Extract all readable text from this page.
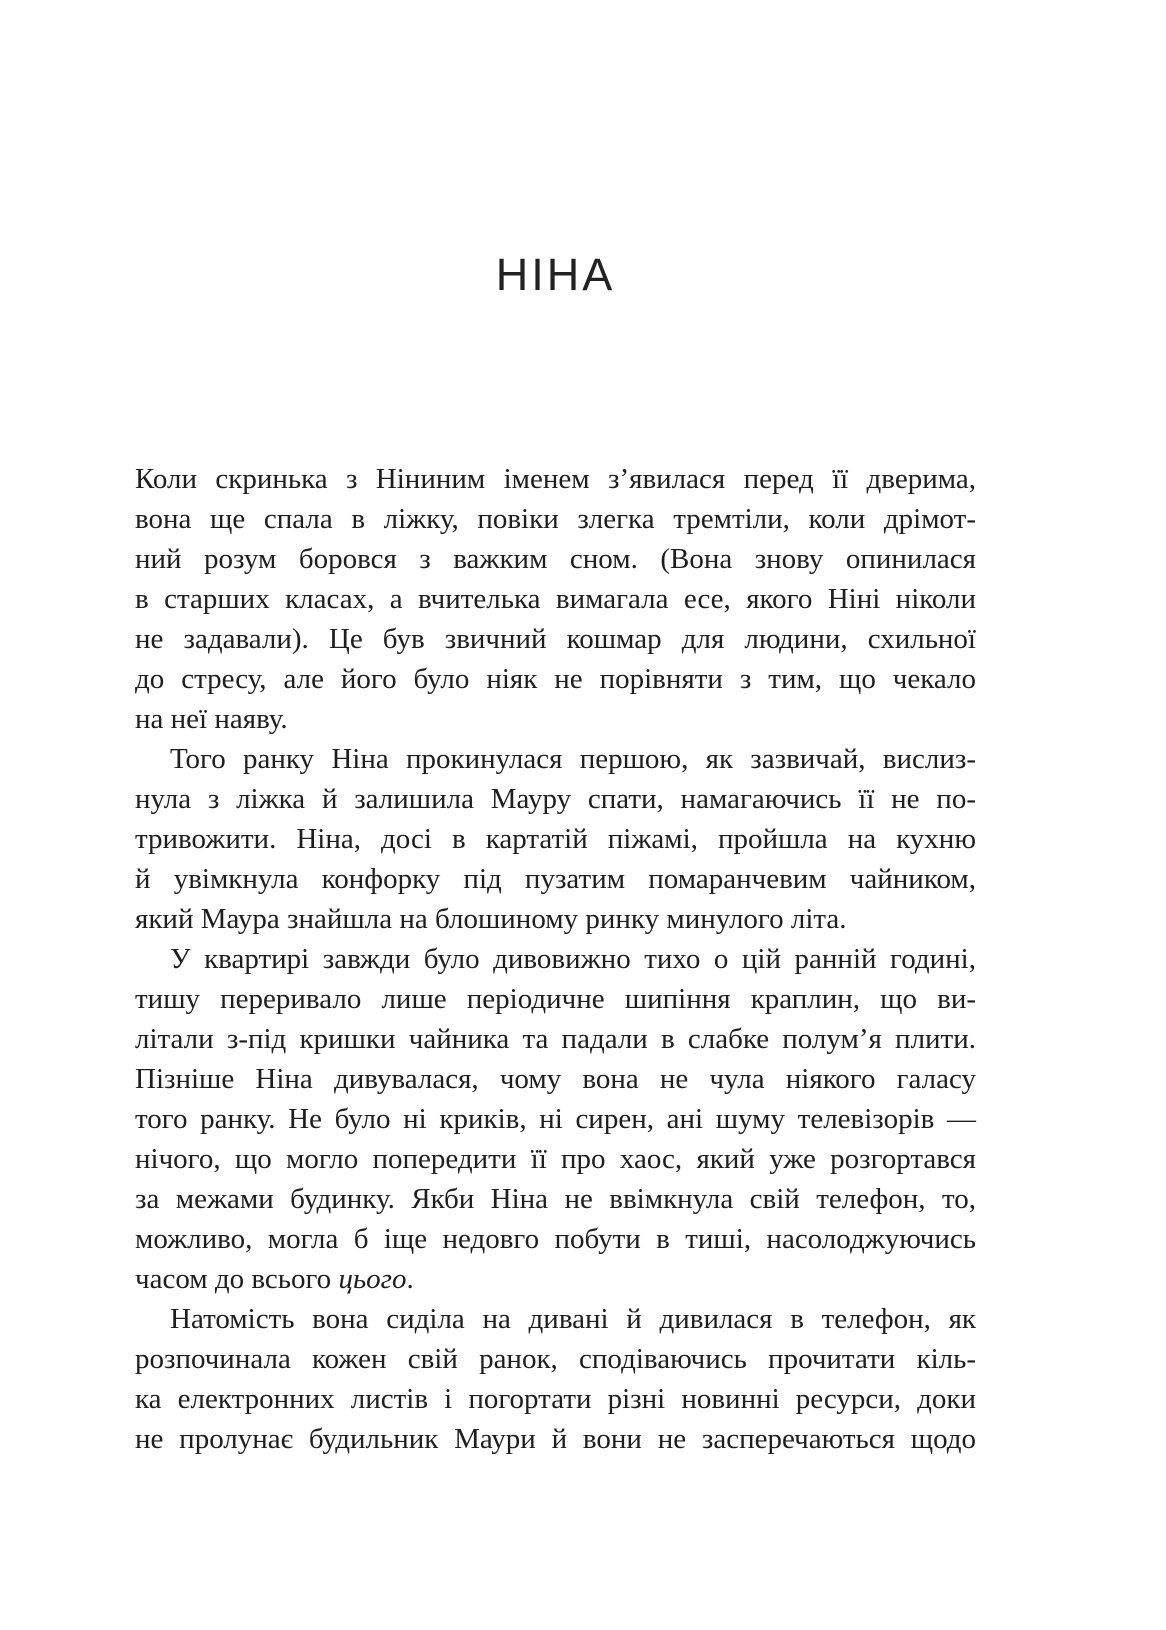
НІНА
Коли скринька з Ніниним іменем з’явилася перед її дверима,
вона ще спала в ліжку, повіки злегка тремтіли, коли дрімот-
ний розум боровся з важким сном. (Вона знову опинилася
в старших класах, а вчителька вимагала есе, якого Ніні ніколи
не задавали). Це був звичний кошмар для людини, схильної
до стресу, але його було ніяк не порівняти з тим, що чекало
на неї наяву.
Того ранку Ніна прокинулася першою, як зазвичай, вислиз-
нула з ліжка й залишила Мауру спати, намагаючись її не по-
тривожити. Ніна, досі в картатій піжамі, пройшла на кухню
й увімкнула конфорку під пузатим помаранчевим чайником,
який Маура знайшла на блошиному ринку минулого літа.
У квартирі завжди було дивовижно тихо о цій ранній годині,
тишу переривало лише періодичне шипіння краплин, що ви-
літали з-під кришки чайника та падали в слабке полум’я плити.
Пізніше Ніна дивувалася, чому вона не чула ніякого галасу
того ранку. Не було ні криків, ні сирен, ані шуму телевізорів —
нічого, що могло попередити її про хаос, який уже розгортався
за межами будинку. Якби Ніна не ввімкнула свій телефон, то,
можливо, могла б іще недовго побути в тиші, насолоджуючись
часом до всього цього.
Натомість вона сиділа на дивані й дивилася в телефон, як
розпочинала кожен свій ранок, сподіваючись прочитати кіль-
ка електронних листів і погортати різні новинні ресурси, доки
не пролунає будильник Маури й вони не засперечаються щодо
